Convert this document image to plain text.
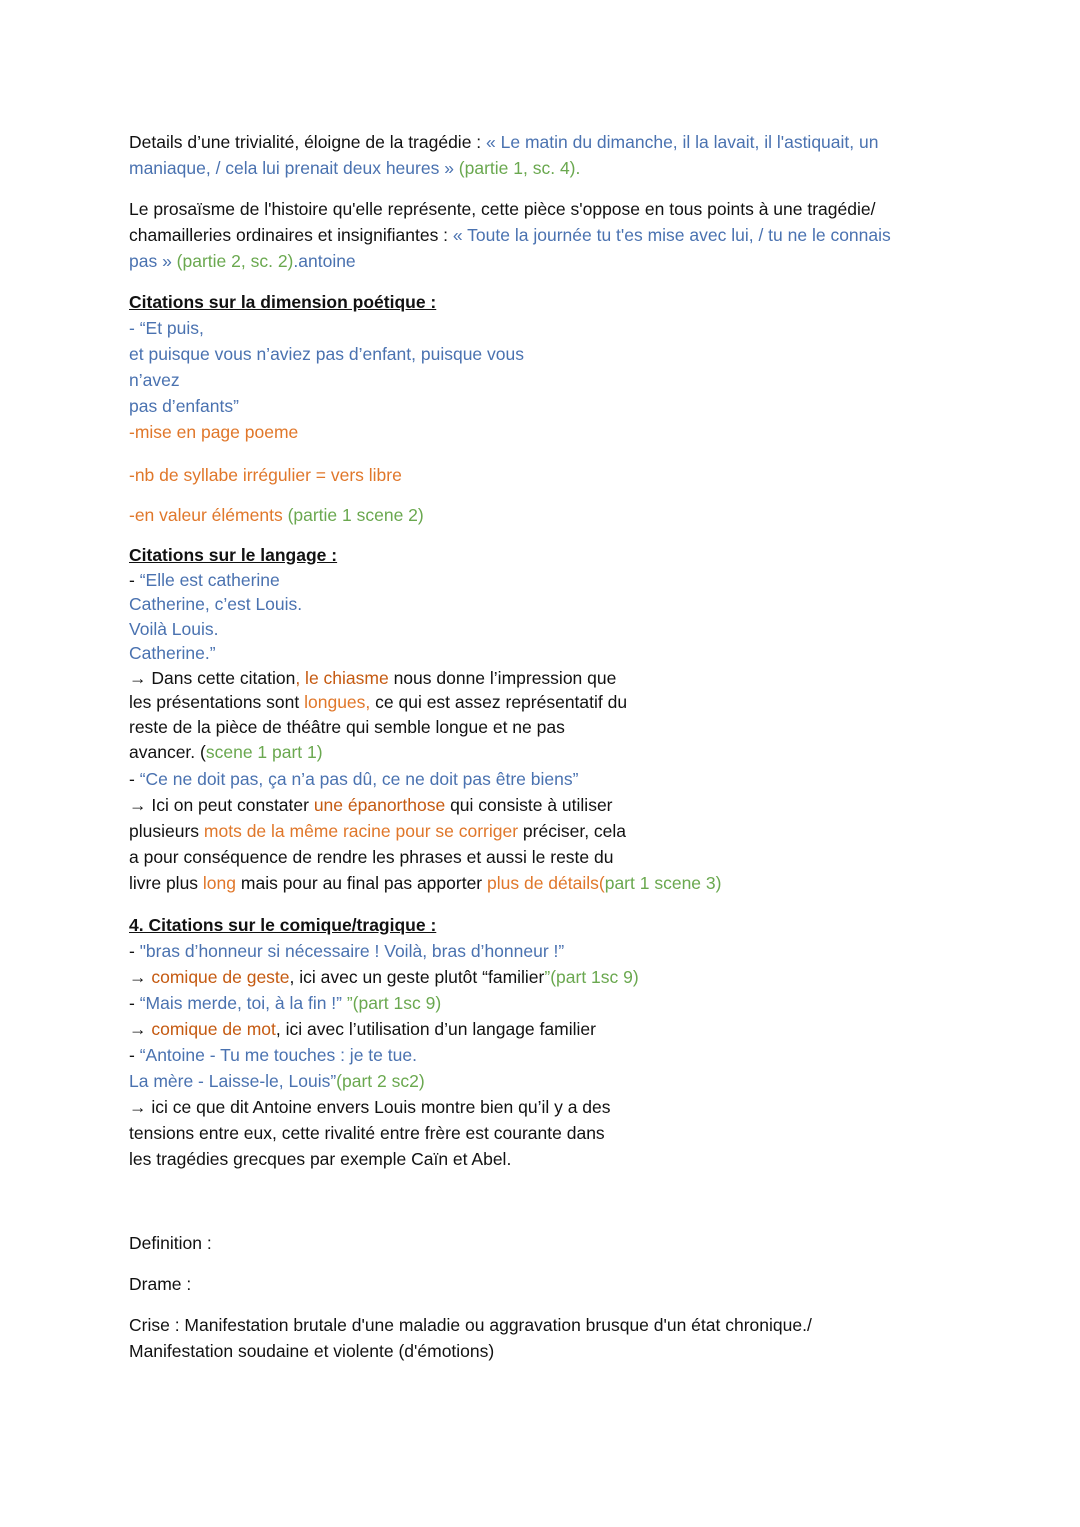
Details d’une trivialité, éloigne de la tragédie : « Le matin du dimanche, il la lavait, il l'astiquait, un
maniaque, / cela lui prenait deux heures » (partie 1, sc. 4).
Le prosaïsme de l'histoire qu'elle représente, cette pièce s'oppose en tous points à une tragédie/
chamailleries ordinaires et insignifiantes : « Toute la journée tu t'es mise avec lui, / tu ne le connais
pas » (partie 2, sc. 2).antoine
Citations sur la dimension poétique :
- “Et puis,
et puisque vous n’aviez pas d’enfant, puisque vous
n’avez
pas d’enfants”
-mise en page poeme
-nb de syllabe irrégulier = vers libre
-en valeur éléments (partie 1 scene 2)
Citations sur le langage :
- “Elle est catherine
Catherine, c’est Louis.
Voilà Louis.
Catherine.”
→ Dans cette citation, le chiasme nous donne l’impression que
les présentations sont longues, ce qui est assez représentatif du
reste de la pièce de théâtre qui semble longue et ne pas
avancer. (scene 1 part 1)
- “Ce ne doit pas, ça n’a pas dû, ce ne doit pas être biens”
→ Ici on peut constater une épanorthose qui consiste à utiliser
plusieurs mots de la même racine pour se corriger préciser, cela
a pour conséquence de rendre les phrases et aussi le reste du
livre plus long mais pour au final pas apporter plus de détails(part 1 scene 3)
4. Citations sur le comique/tragique :
- "bras d’honneur si nécessaire ! Voilà, bras d’honneur !”
→ comique de geste, ici avec un geste plutôt “familier”(part 1sc 9)
- “Mais merde, toi, à la fin !” ”(part 1sc 9)
→ comique de mot, ici avec l’utilisation d’un langage familier
- “Antoine - Tu me touches : je te tue.
La mère - Laisse-le, Louis”(part 2 sc2)
→ ici ce que dit Antoine envers Louis montre bien qu’il y a des
tensions entre eux, cette rivalité entre frère est courante dans
les tragédies grecques par exemple Caïn et Abel.
Definition :
Drame :
Crise : Manifestation brutale d'une maladie ou aggravation brusque d'un état chronique./
Manifestation soudaine et violente (d'émotions)
